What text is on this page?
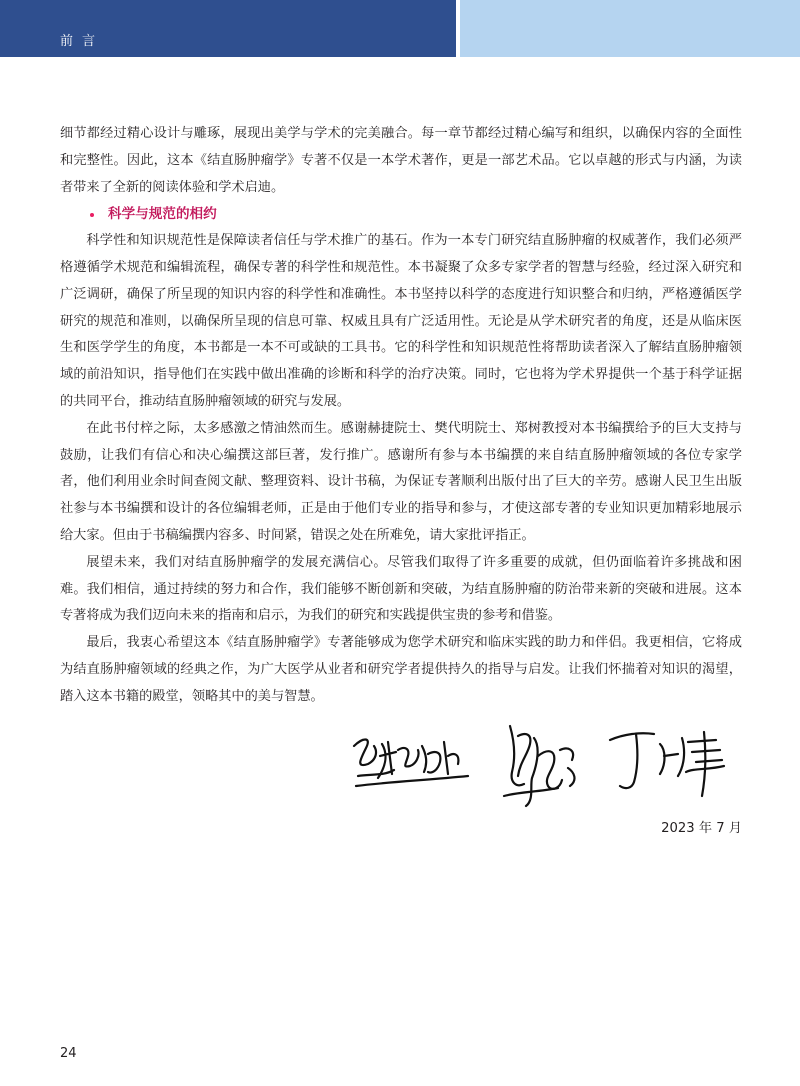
前言

细节都经过精心设计与雕琢，展现出美学与学术的完美融合。每一章节都经过精心编写和组织，以确保内容的全面性和完整性。因此，这本《结直肠肿瘤学》专著不仅是一本学术著作，更是一部艺术品。它以卓越的形式与内涵，为读者带来了全新的阅读体验和学术启迪。

科学与规范的相约

科学性和知识规范性是保障读者信任与学术推广的基石。作为一本专门研究结直肠肿瘤的权威著作，我们必须严格遵循学术规范和编辑流程，确保专著的科学性和规范性。本书凝聚了众多专家学者的智慧与经验，经过深入研究和广泛调研，确保了所呈现的知识内容的科学性和准确性。本书坚持以科学的态度进行知识整合和归纳，严格遵循医学研究的规范和准则，以确保所呈现的信息可靠、权威且具有广泛适用性。无论是从学术研究者的角度，还是从临床医生和医学学生的角度，本书都是一本不可或缺的工具书。它的科学性和知识规范性将帮助读者深入了解结直肠肿瘤领域的前沿知识，指导他们在实践中做出准确的诊断和科学的治疗决策。同时，它也将为学术界提供一个基于科学证据的共同平台，推动结直肠肿瘤领域的研究与发展。

在此书付梓之际，太多感激之情油然而生。感谢赫捷院士、樊代明院士、郑树教授对本书编撰给予的巨大支持与鼓励，让我们有信心和决心编撰这部巨著，发行推广。感谢所有参与本书编撰的来自结直肠肿瘤领域的各位专家学者，他们利用业余时间查阅文献、整理资料、设计书稿，为保证专著顺利出版付出了巨大的辛劳。感谢人民卫生出版社参与本书编撰和设计的各位编辑老师，正是由于他们专业的指导和参与，才使这部专著的专业知识更加精彩地展示给大家。但由于书稿编撰内容多、时间紧，错误之处在所难免，请大家批评指正。

展望未来，我们对结直肠肿瘤学的发展充满信心。尽管我们取得了许多重要的成就，但仍面临着许多挑战和困难。我们相信，通过持续的努力和合作，我们能够不断创新和突破，为结直肠肿瘤的防治带来新的突破和进展。这本专著将成为我们迈向未来的指南和启示，为我们的研究和实践提供宝贵的参考和借鉴。

最后，我衷心希望这本《结直肠肿瘤学》专著能够成为您学术研究和临床实践的助力和伴侣。我更相信，它将成为结直肠肿瘤领域的经典之作，为广大医学从业者和研究学者提供持久的指导与启发。让我们怀揣着对知识的渴望，踏入这本书籍的殿堂，领略其中的美与智慧。

2023 年 7 月
24
